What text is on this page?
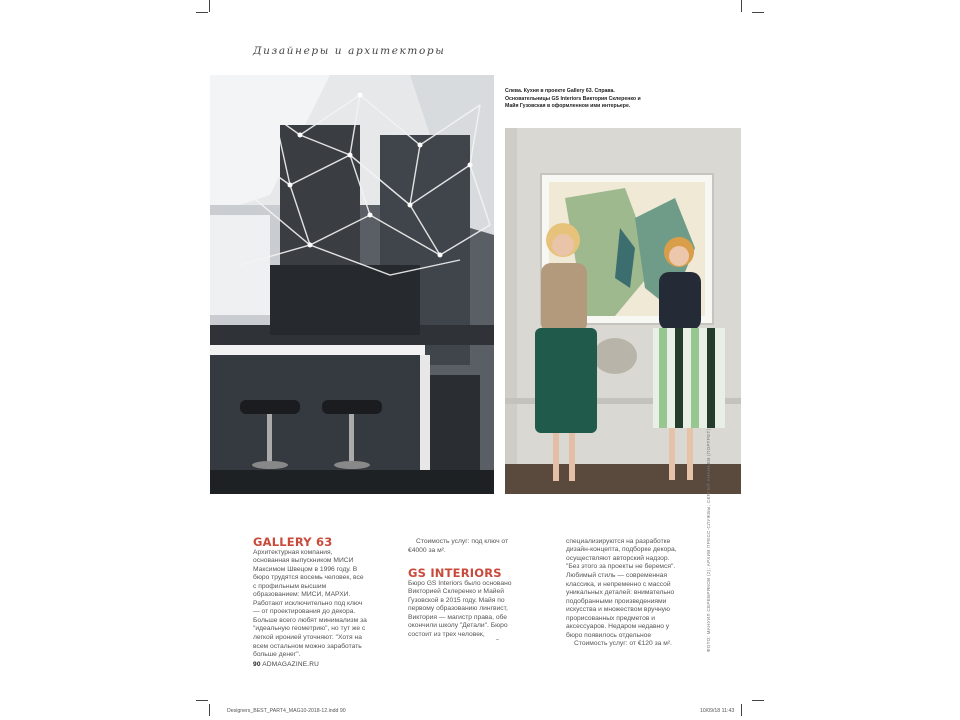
Дизайнеры и архитекторы
Слева. Кухня в проекте Gallery 63. Справа. Основательницы GS Interiors Виктория Склеренко и Майя Гузовская в оформленном ими интерьере.
ФОТО: МАНУИЛ СЕРЕБРЯКОВ (2); АРХИВ ПРЕСС-СЛУЖБЫ; СЕРГЕЙ АНАНЬЕВ (ПОРТРЕТ)
GALLERY 63

Архитектурная компания, основанная выпускником МИСИ Максимом Швецом в 1996 году. В бюро трудятся восемь человек, все с профильным высшим образованием: МИСИ, МАРХИ. Работают исключительно под ключ — от проектирования до декора. Больше всего любят минимализм за "идеальную геометрию", но тут же с легкой иронией уточняют: "Хотя на всем остальном можно заработать больше денег".

Стоимость услуг: под ключ от €4000 за м².

GS INTERIORS

Бюро GS Interiors было основано Викторией Склеренко и Майей Гузовской в 2015 году. Майя по первому образованию лингвист, Виктория — магистр права, обе окончили школу "Детали". Бюро состоит из трех человек,

специализируются на разработке дизайн-концепта, подборке декора, осуществляют авторский надзор. "Без этого за проекты не беремся". Любимый стиль — современная классика, и непременно с массой уникальных деталей: внимательно подобранными произведениями искусства и множеством вручную прорисованных предметов и аксессуаров. Недаром недавно у бюро появилось отдельное

Стоимость услуг: от €120 за м².

90 ADMAGAZINE.RU
Designers_BEST_PART4_MAG10-2018-12.indd 90	10/09/18 11:43
